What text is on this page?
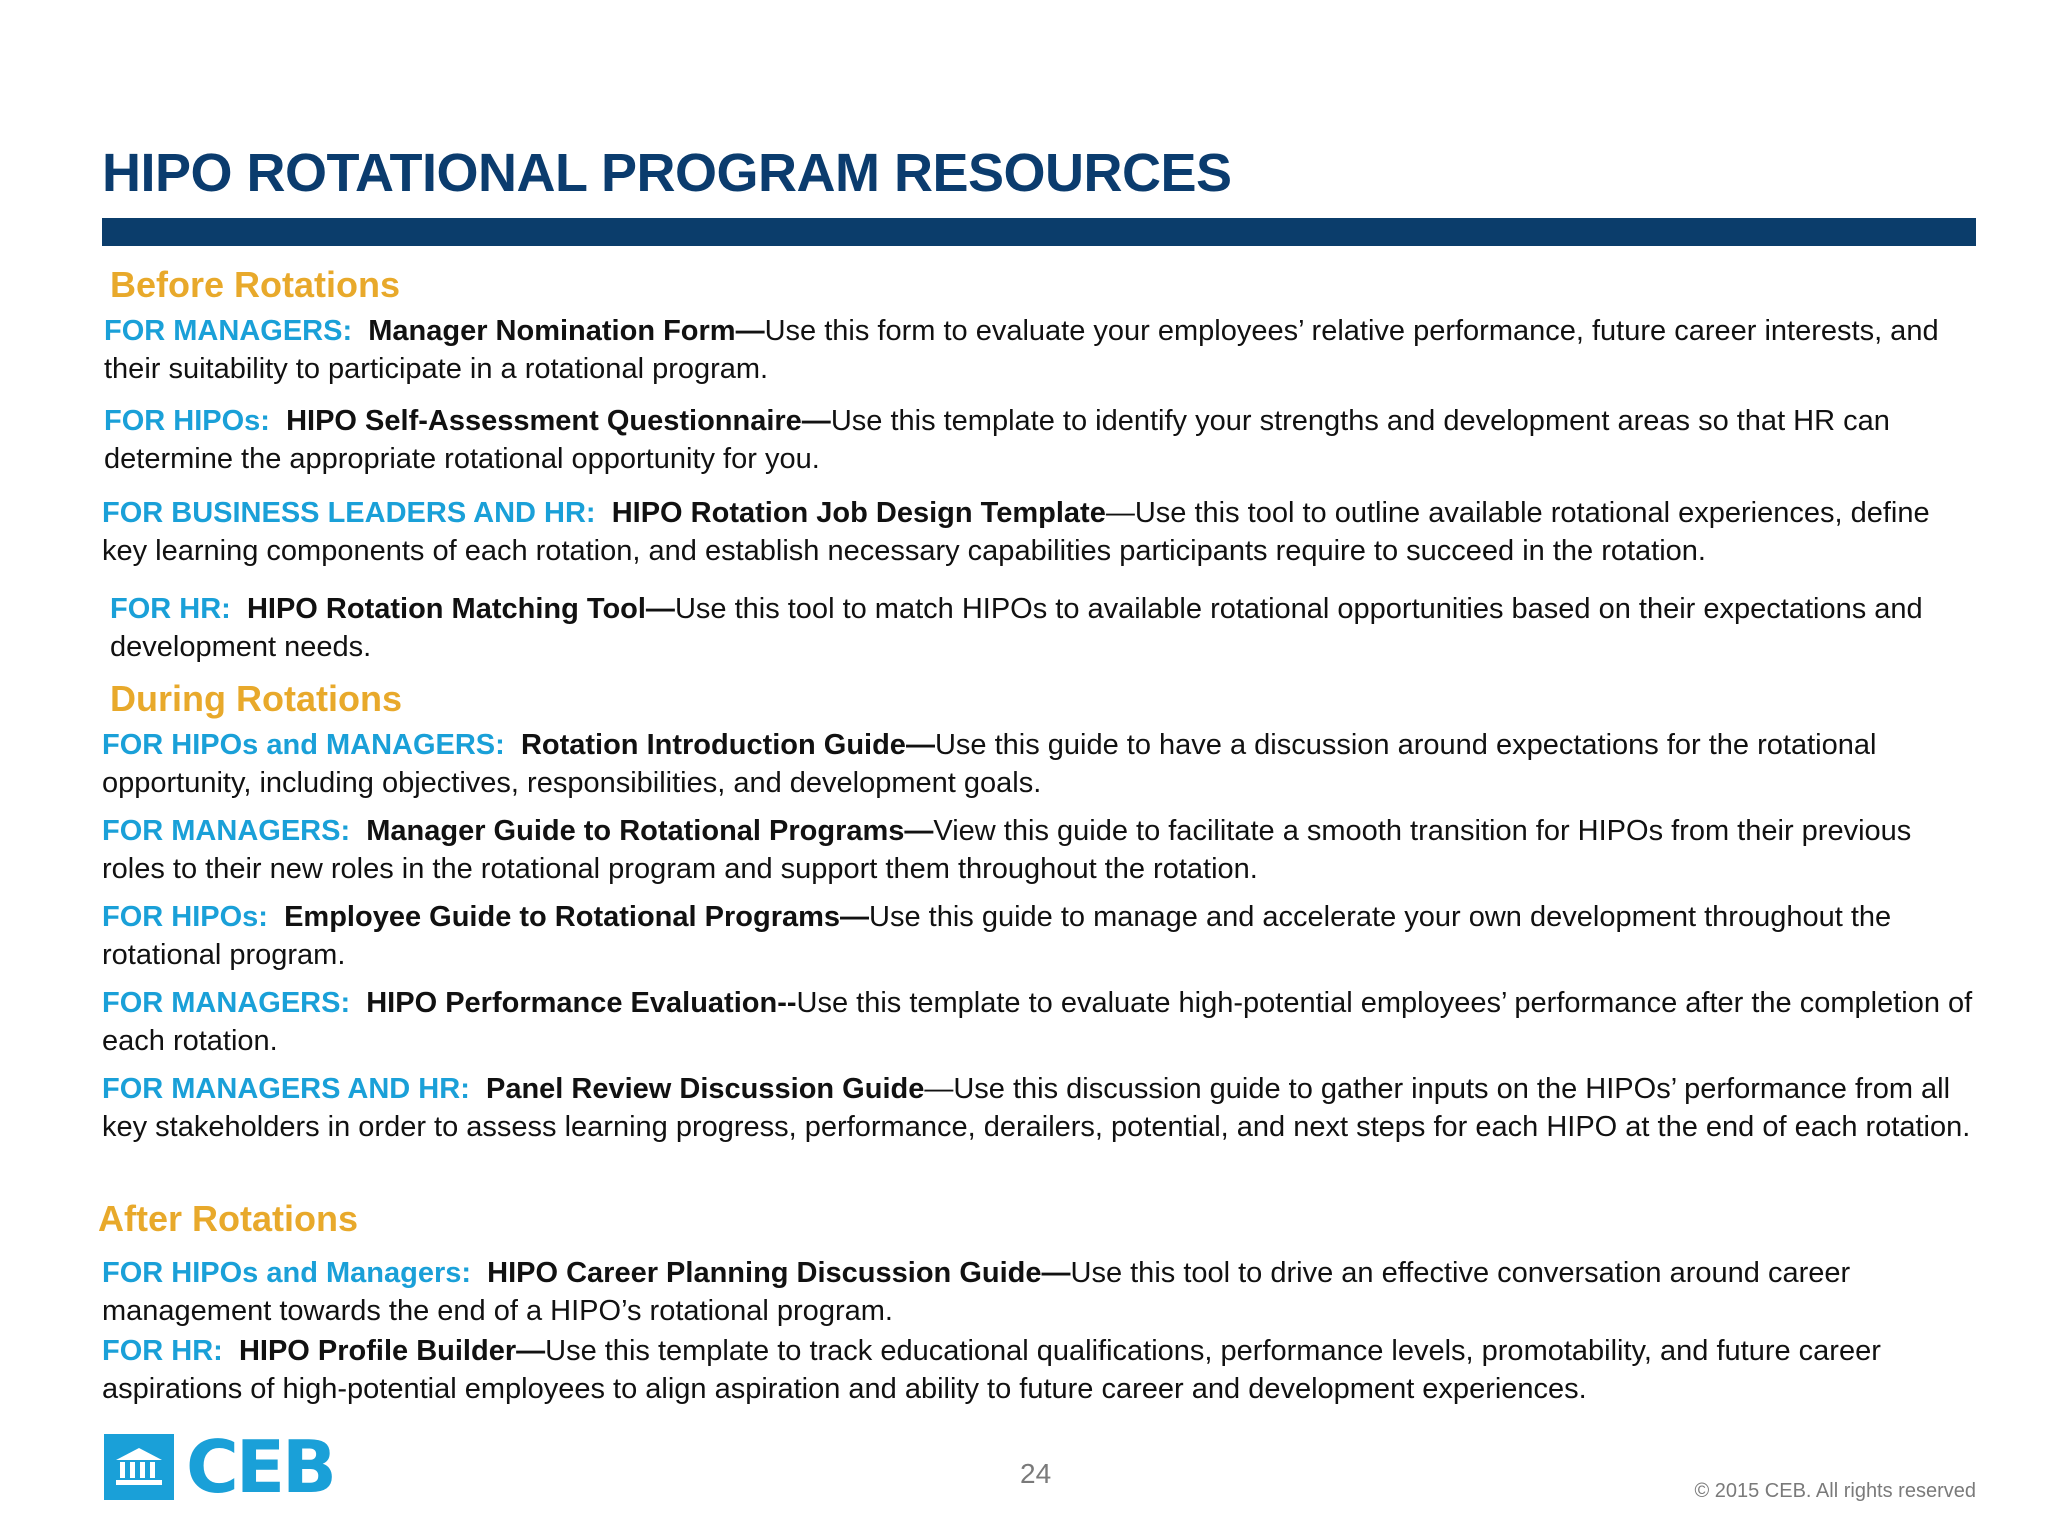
HIPO ROTATIONAL PROGRAM RESOURCES
Before Rotations
FOR MANAGERS: Manager Nomination Form—Use this form to evaluate your employees’ relative performance, future career interests, and their suitability to participate in a rotational program.
FOR HIPOs: HIPO Self-Assessment Questionnaire—Use this template to identify your strengths and development areas so that HR can determine the appropriate rotational opportunity for you.
FOR BUSINESS LEADERS AND HR: HIPO Rotation Job Design Template—Use this tool to outline available rotational experiences, define key learning components of each rotation, and establish necessary capabilities participants require to succeed in the rotation.
FOR HR: HIPO Rotation Matching Tool—Use this tool to match HIPOs to available rotational opportunities based on their expectations and development needs.
During Rotations
FOR HIPOs and MANAGERS: Rotation Introduction Guide—Use this guide to have a discussion around expectations for the rotational opportunity, including objectives, responsibilities, and development goals.
FOR MANAGERS: Manager Guide to Rotational Programs—View this guide to facilitate a smooth transition for HIPOs from their previous roles to their new roles in the rotational program and support them throughout the rotation.
FOR HIPOs: Employee Guide to Rotational Programs—Use this guide to manage and accelerate your own development throughout the rotational program.
FOR MANAGERS: HIPO Performance Evaluation--Use this template to evaluate high-potential employees’ performance after the completion of each rotation.
FOR MANAGERS AND HR: Panel Review Discussion Guide—Use this discussion guide to gather inputs on the HIPOs’ performance from all key stakeholders in order to assess learning progress, performance, derailers, potential, and next steps for each HIPO at the end of each rotation.
After Rotations
FOR HIPOs and Managers: HIPO Career Planning Discussion Guide—Use this tool to drive an effective conversation around career management towards the end of a HIPO’s rotational program.
FOR HR: HIPO Profile Builder—Use this template to track educational qualifications, performance levels, promotability, and future career aspirations of high-potential employees to align aspiration and ability to future career and development experiences.
CEB	24
© 2015 CEB. All rights reserved
